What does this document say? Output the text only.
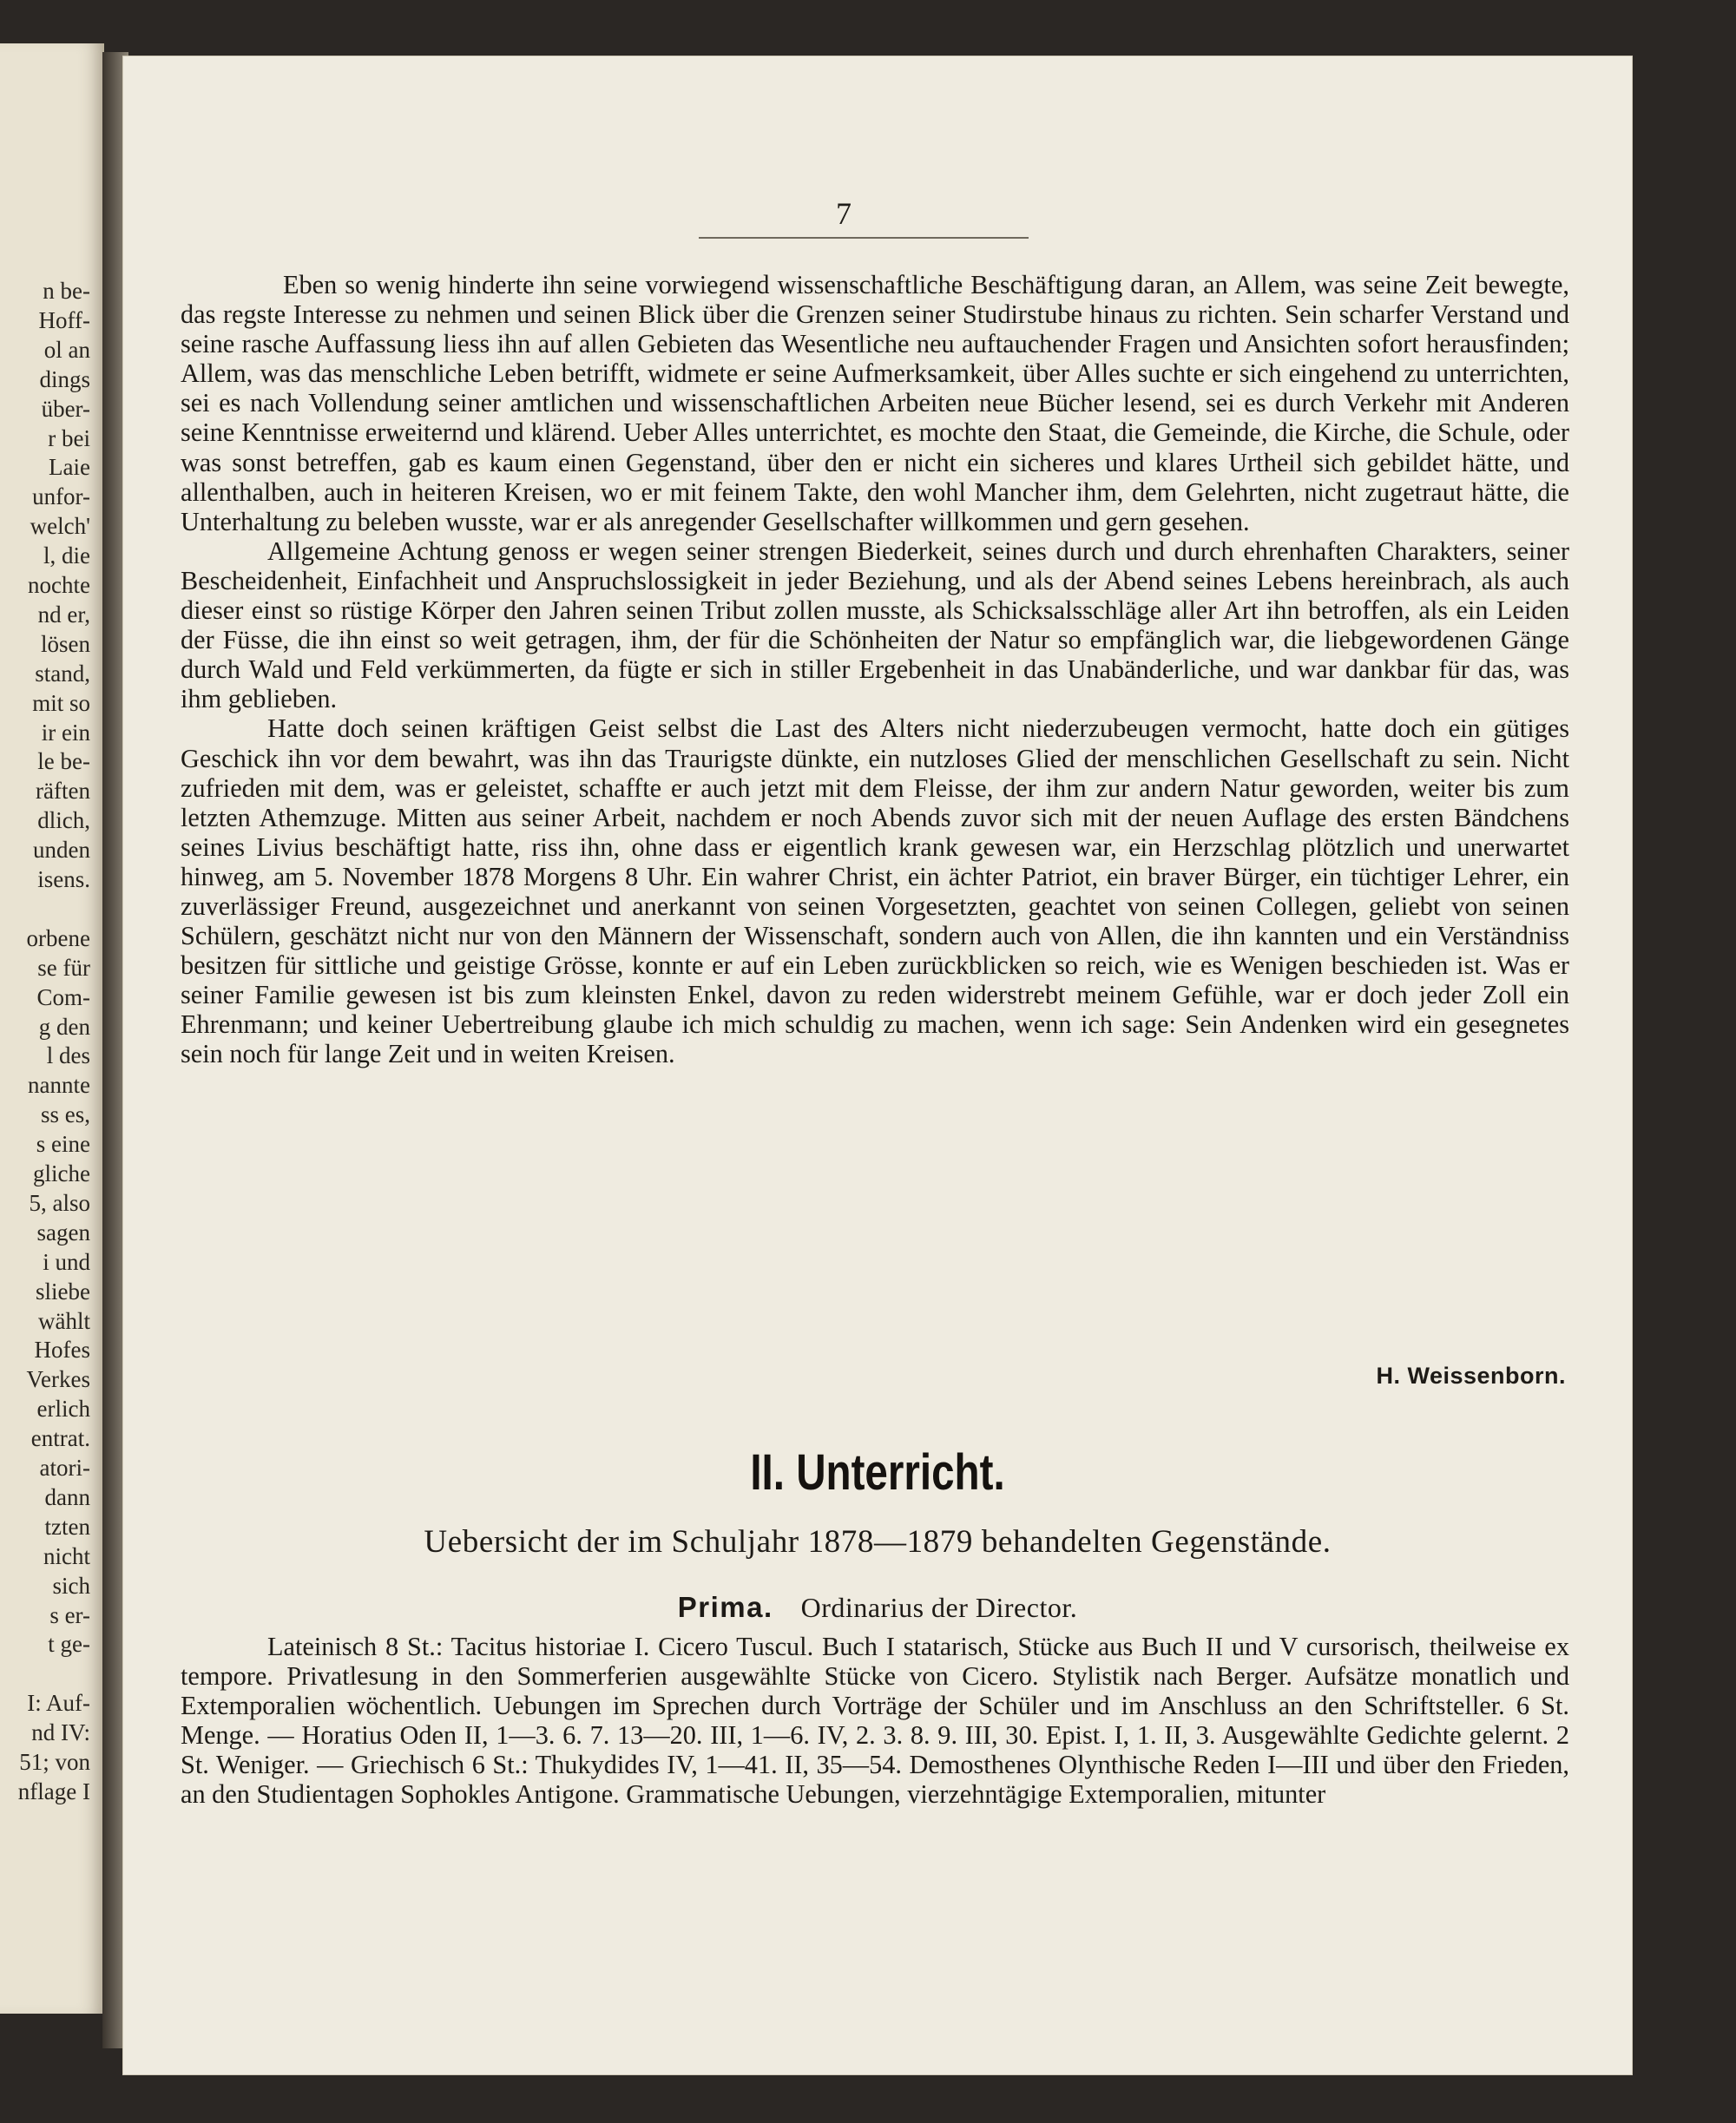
n be-
Hoff-
ol an
dings
über-
r bei
Laie
unfor-
welch'
l, die
nochte
nd er,
lösen
stand,
mit so
ir ein
le be-
räften
dlich,
unden
isens.
orbene
se für
Com-
g den
l des
nannte
ss es,
s eine
gliche
5, also
sagen
i und
sliebe
wählt
Hofes
Verkes
erlich
entrat.
atori-
dann
tzten
nicht
sich
s er-
t ge-
I: Auf-
nd IV:
51; von
nflage I
7

Eben so wenig hinderte ihn seine vorwiegend wissenschaftliche Beschäftigung daran, an Allem, was seine Zeit bewegte, das regste Interesse zu nehmen und seinen Blick über die Grenzen seiner Studirstube hinaus zu richten. Sein scharfer Verstand und seine rasche Auffassung liess ihn auf allen Gebieten das Wesentliche neu auftauchender Fragen und Ansichten sofort herausfinden; Allem, was das menschliche Leben betrifft, widmete er seine Aufmerksamkeit, über Alles suchte er sich eingehend zu unterrichten, sei es nach Vollendung seiner amtlichen und wissenschaftlichen Arbeiten neue Bücher lesend, sei es durch Verkehr mit Anderen seine Kenntnisse erweiternd und klärend. Ueber Alles unterrichtet, es mochte den Staat, die Gemeinde, die Kirche, die Schule, oder was sonst betreffen, gab es kaum einen Gegenstand, über den er nicht ein sicheres und klares Urtheil sich gebildet hätte, und allenthalben, auch in heiteren Kreisen, wo er mit feinem Takte, den wohl Mancher ihm, dem Gelehrten, nicht zugetraut hätte, die Unterhaltung zu beleben wusste, war er als anregender Gesellschafter willkommen und gern gesehen.

Allgemeine Achtung genoss er wegen seiner strengen Biederkeit, seines durch und durch ehrenhaften Charakters, seiner Bescheidenheit, Einfachheit und Anspruchslossigkeit in jeder Beziehung, und als der Abend seines Lebens hereinbrach, als auch dieser einst so rüstige Körper den Jahren seinen Tribut zollen musste, als Schicksalsschläge aller Art ihn betroffen, als ein Leiden der Füsse, die ihn einst so weit getragen, ihm, der für die Schönheiten der Natur so empfänglich war, die liebgewordenen Gänge durch Wald und Feld verkümmerten, da fügte er sich in stiller Ergebenheit in das Unabänderliche, und war dankbar für das, was ihm geblieben.

Hatte doch seinen kräftigen Geist selbst die Last des Alters nicht niederzubeugen vermocht, hatte doch ein gütiges Geschick ihn vor dem bewahrt, was ihn das Traurigste dünkte, ein nutzloses Glied der menschlichen Gesellschaft zu sein. Nicht zufrieden mit dem, was er geleistet, schaffte er auch jetzt mit dem Fleisse, der ihm zur andern Natur geworden, weiter bis zum letzten Athemzuge. Mitten aus seiner Arbeit, nachdem er noch Abends zuvor sich mit der neuen Auflage des ersten Bändchens seines Livius beschäftigt hatte, riss ihn, ohne dass er eigentlich krank gewesen war, ein Herzschlag plötzlich und unerwartet hinweg, am 5. November 1878 Morgens 8 Uhr. Ein wahrer Christ, ein ächter Patriot, ein braver Bürger, ein tüchtiger Lehrer, ein zuverlässiger Freund, ausgezeichnet und anerkannt von seinen Vorgesetzten, geachtet von seinen Collegen, geliebt von seinen Schülern, geschätzt nicht nur von den Männern der Wissenschaft, sondern auch von Allen, die ihn kannten und ein Verständniss besitzen für sittliche und geistige Grösse, konnte er auf ein Leben zurückblicken so reich, wie es Wenigen beschieden ist. Was er seiner Familie gewesen ist bis zum kleinsten Enkel, davon zu reden widerstrebt meinem Gefühle, war er doch jeder Zoll ein Ehrenmann; und keiner Uebertreibung glaube ich mich schuldig zu machen, wenn ich sage: Sein Andenken wird ein gesegnetes sein noch für lange Zeit und in weiten Kreisen.

H. Weissenborn.
II. Unterricht.
Uebersicht der im Schuljahr 1878—1879 behandelten Gegenstände.
Prima. Ordinarius der Director.

Lateinisch 8 St.: Tacitus historiae I. Cicero Tuscul. Buch I statarisch, Stücke aus Buch II und V cursorisch, theilweise ex tempore. Privatlesung in den Sommerferien ausgewählte Stücke von Cicero. Stylistik nach Berger. Aufsätze monatlich und Extemporalien wöchentlich. Uebungen im Sprechen durch Vorträge der Schüler und im Anschluss an den Schriftsteller. 6 St. Menge. — Horatius Oden II, 1—3. 6. 7. 13—20. III, 1—6. IV, 2. 3. 8. 9. III, 30. Epist. I, 1. II, 3. Ausgewählte Gedichte gelernt. 2 St. Weniger. — Griechisch 6 St.: Thukydides IV, 1—41. II, 35—54. Demosthenes Olynthische Reden I—III und über den Frieden, an den Studientagen Sophokles Antigone. Grammatische Uebungen, vierzehntägige Extemporalien, mitunter
